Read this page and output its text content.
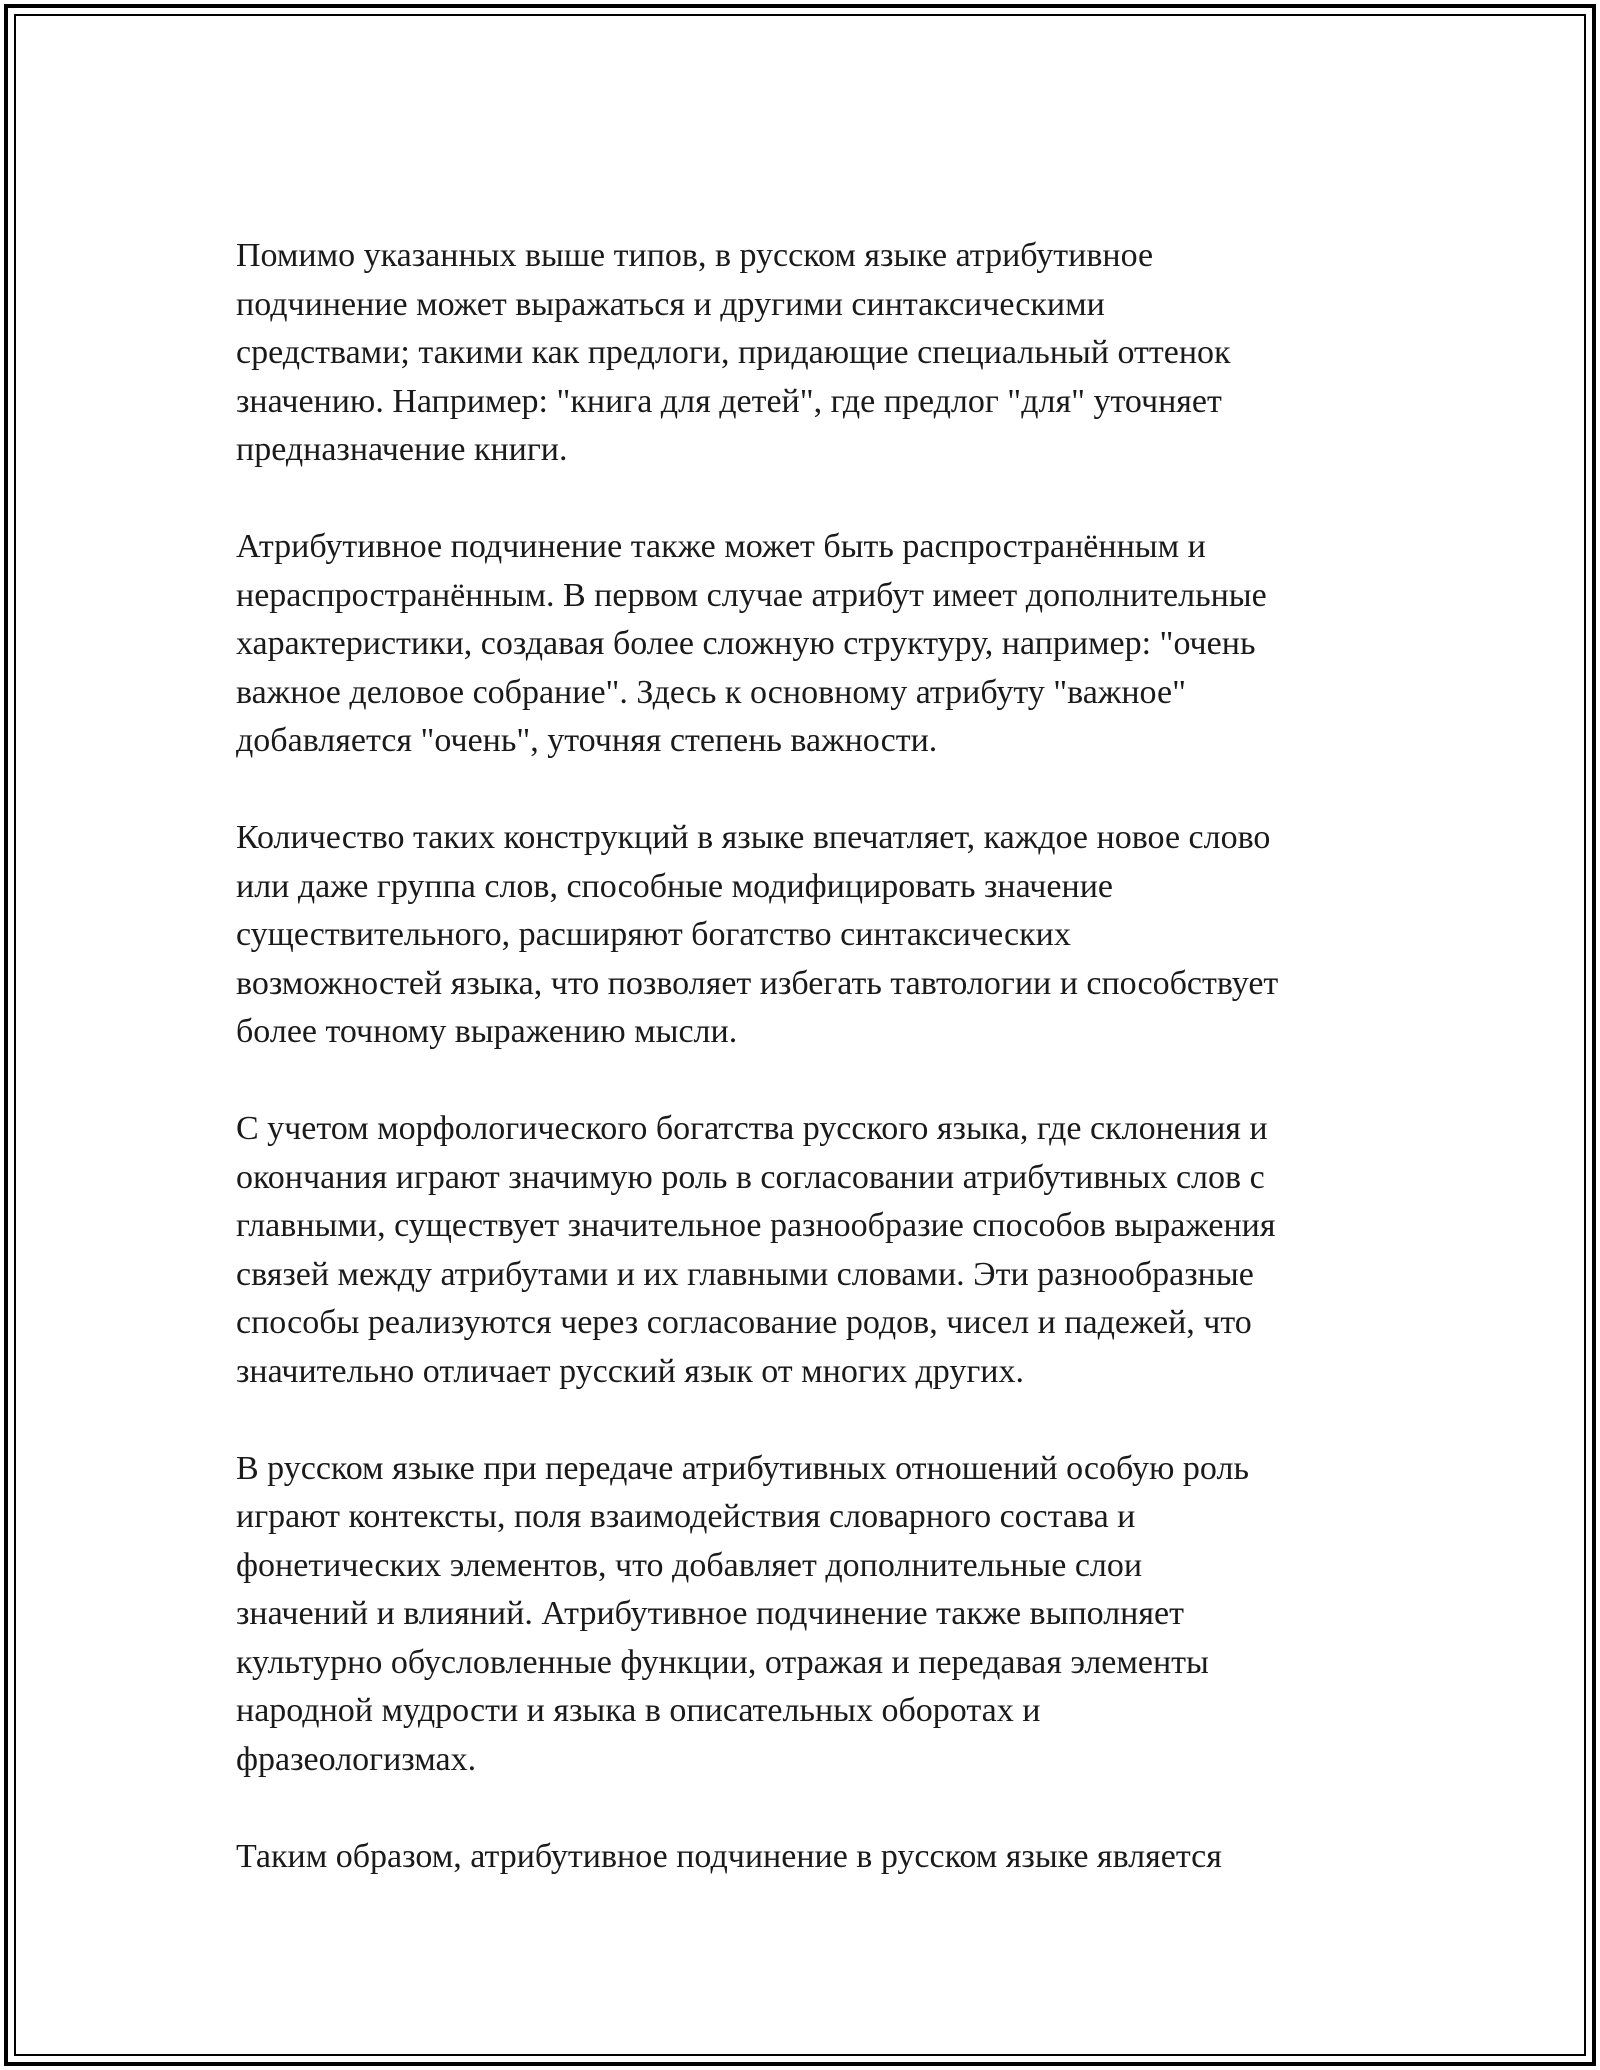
Помимо указанных выше типов, в русском языке атрибутивное
подчинение может выражаться и другими синтаксическими
средствами; такими как предлоги, придающие специальный оттенок
значению. Например: "книга для детей", где предлог "для" уточняет
предназначение книги.

Атрибутивное подчинение также может быть распространённым и
нераспространённым. В первом случае атрибут имеет дополнительные
характеристики, создавая более сложную структуру, например: "очень
важное деловое собрание". Здесь к основному атрибуту "важное"
добавляется "очень", уточняя степень важности.

Количество таких конструкций в языке впечатляет, каждое новое слово
или даже группа слов, способные модифицировать значение
существительного, расширяют богатство синтаксических
возможностей языка, что позволяет избегать тавтологии и способствует
более точному выражению мысли.

С учетом морфологического богатства русского языка, где склонения и
окончания играют значимую роль в согласовании атрибутивных слов с
главными, существует значительное разнообразие способов выражения
связей между атрибутами и их главными словами. Эти разнообразные
способы реализуются через согласование родов, чисел и падежей, что
значительно отличает русский язык от многих других.

В русском языке при передаче атрибутивных отношений особую роль
играют контексты, поля взаимодействия словарного состава и
фонетических элементов, что добавляет дополнительные слои
значений и влияний. Атрибутивное подчинение также выполняет
культурно обусловленные функции, отражая и передавая элементы
народной мудрости и языка в описательных оборотах и
фразеологизмах.

Таким образом, атрибутивное подчинение в русском языке является
